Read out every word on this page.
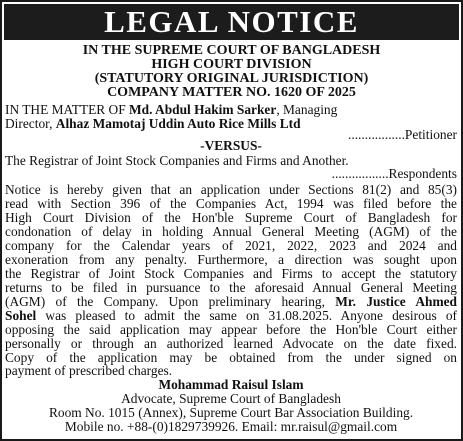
LEGAL NOTICE
IN THE SUPREME COURT OF BANGLADESH
HIGH COURT DIVISION
(STATUTORY ORIGINAL JURISDICTION)
COMPANY MATTER NO. 1620 OF 2025
IN THE MATTER OF Md. Abdul Hakim Sarker, Managing
Director, Alhaz Mamotaj Uddin Auto Rice Mills Ltd
.................Petitioner
-VERSUS-
The Registrar of Joint Stock Companies and Firms and Another.
.................Respondents
Notice is hereby given that an application under Sections 81(2) and 85(3)
read with Section 396 of the Companies Act, 1994 was filed before the
High Court Division of the Hon'ble Supreme Court of Bangladesh for
condonation of delay in holding Annual General Meeting (AGM) of the
company for the Calendar years of 2021, 2022, 2023 and 2024 and
exoneration from any penalty. Furthermore, a direction was sought upon
the Registrar of Joint Stock Companies and Firms to accept the statutory
returns to be filed in pursuance to the aforesaid Annual General Meeting
(AGM) of the Company. Upon preliminary hearing, Mr. Justice Ahmed
Sohel was pleased to admit the same on 31.08.2025. Anyone desirous of
opposing the said application may appear before the Hon'ble Court either
personally or through an authorized learned Advocate on the date fixed.
Copy of the application may be obtained from the under signed on
payment of prescribed charges.
Mohammad Raisul Islam
Advocate, Supreme Court of Bangladesh
Room No. 1015 (Annex), Supreme Court Bar Association Building.
Mobile no. +88-(0)1829739926. Email: mr.raisul@gmail.com
